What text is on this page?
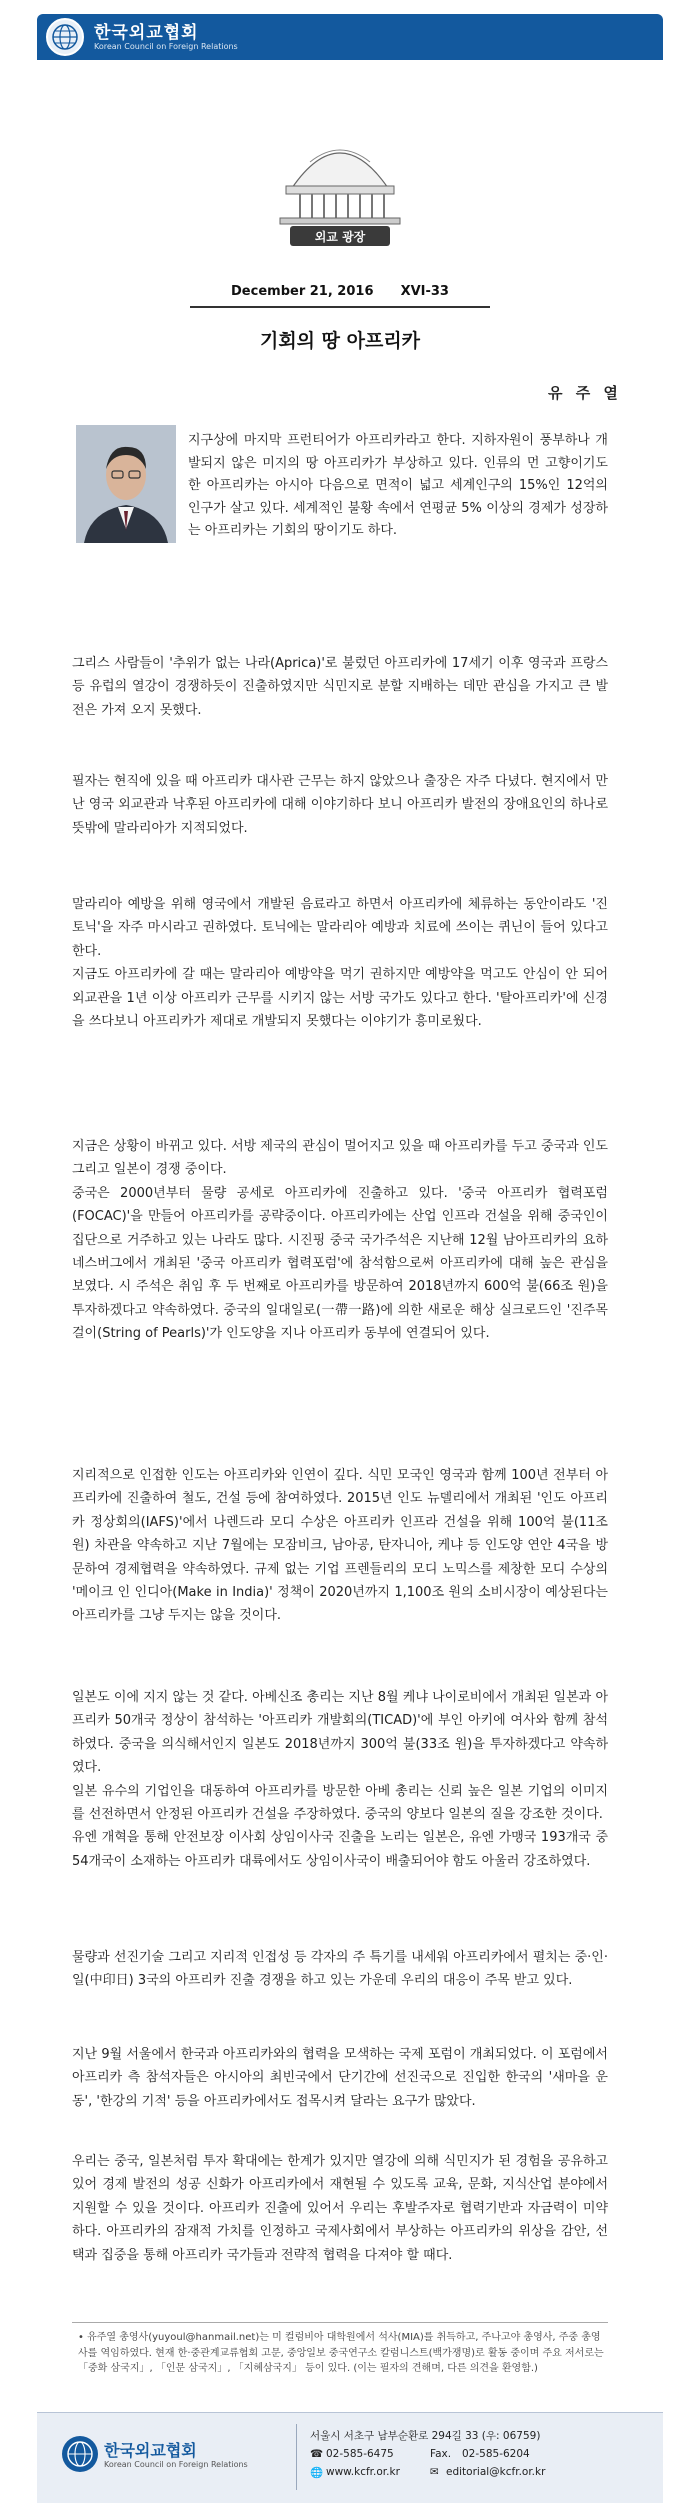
한국외교협회
Korean Council on Foreign Relations
외교 광장
December 21, 2016 XVI-33
기회의 땅 아프리카
유 주 열

지구상에 마지막 프런티어가 아프리카라고 한다. 지하자원이 풍부하나 개발되지 않은 미지의 땅 아프리카가 부상하고 있다. 인류의 먼 고향이기도 한 아프리카는 아시아 다음으로 면적이 넓고 세계인구의 15%인 12억의 인구가 살고 있다. 세계적인 불황 속에서 연평균 5% 이상의 경제가 성장하는 아프리카는 기회의 땅이기도 하다.

그리스 사람들이 '추위가 없는 나라(Aprica)'로 불렀던 아프리카에 17세기 이후 영국과 프랑스 등 유럽의 열강이 경쟁하듯이 진출하였지만 식민지로 분할 지배하는 데만 관심을 가지고 큰 발전은 가져 오지 못했다.

필자는 현직에 있을 때 아프리카 대사관 근무는 하지 않았으나 출장은 자주 다녔다. 현지에서 만난 영국 외교관과 낙후된 아프리카에 대해 이야기하다 보니 아프리카 발전의 장애요인의 하나로 뜻밖에 말라리아가 지적되었다.

말라리아 예방을 위해 영국에서 개발된 음료라고 하면서 아프리카에 체류하는 동안이라도 '진 토닉'을 자주 마시라고 권하였다. 토닉에는 말라리아 예방과 치료에 쓰이는 퀴닌이 들어 있다고 한다.
지금도 아프리카에 갈 때는 말라리아 예방약을 먹기 권하지만 예방약을 먹고도 안심이 안 되어 외교관을 1년 이상 아프리카 근무를 시키지 않는 서방 국가도 있다고 한다. '탈아프리카'에 신경을 쓰다보니 아프리카가 제대로 개발되지 못했다는 이야기가 흥미로웠다.

지금은 상황이 바뀌고 있다. 서방 제국의 관심이 멀어지고 있을 때 아프리카를 두고 중국과 인도 그리고 일본이 경쟁 중이다.
중국은 2000년부터 물량 공세로 아프리카에 진출하고 있다. '중국 아프리카 협력포럼(FOCAC)'을 만들어 아프리카를 공략중이다. 아프리카에는 산업 인프라 건설을 위해 중국인이 집단으로 거주하고 있는 나라도 많다. 시진핑 중국 국가주석은 지난해 12월 남아프리카의 요하네스버그에서 개최된 '중국 아프리카 협력포럼'에 참석함으로써 아프리카에 대해 높은 관심을 보였다. 시 주석은 취임 후 두 번째로 아프리카를 방문하여 2018년까지 600억 불(66조 원)을 투자하겠다고 약속하였다. 중국의 일대일로(一帶一路)에 의한 새로운 해상 실크로드인 '진주목걸이(String of Pearls)'가 인도양을 지나 아프리카 동부에 연결되어 있다.

지리적으로 인접한 인도는 아프리카와 인연이 깊다. 식민 모국인 영국과 함께 100년 전부터 아프리카에 진출하여 철도, 건설 등에 참여하였다. 2015년 인도 뉴델리에서 개최된 '인도 아프리카 정상회의(IAFS)'에서 나렌드라 모디 수상은 아프리카 인프라 건설을 위해 100억 불(11조 원) 차관을 약속하고 지난 7월에는 모잠비크, 남아공, 탄자니아, 케냐 등 인도양 연안 4국을 방문하여 경제협력을 약속하였다. 규제 없는 기업 프렌들리의 모디 노믹스를 제창한 모디 수상의 '메이크 인 인디아(Make in India)' 정책이 2020년까지 1,100조 원의 소비시장이 예상된다는 아프리카를 그냥 두지는 않을 것이다.

일본도 이에 지지 않는 것 같다. 아베신조 총리는 지난 8월 케냐 나이로비에서 개최된 일본과 아프리카 50개국 정상이 참석하는 '아프리카 개발회의(TICAD)'에 부인 아키에 여사와 함께 참석하였다. 중국을 의식해서인지 일본도 2018년까지 300억 불(33조 원)을 투자하겠다고 약속하였다.
일본 유수의 기업인을 대동하여 아프리카를 방문한 아베 총리는 신뢰 높은 일본 기업의 이미지를 선전하면서 안정된 아프리카 건설을 주장하였다. 중국의 양보다 일본의 질을 강조한 것이다.
유엔 개혁을 통해 안전보장 이사회 상임이사국 진출을 노리는 일본은, 유엔 가맹국 193개국 중 54개국이 소재하는 아프리카 대륙에서도 상임이사국이 배출되어야 함도 아울러 강조하였다.

물량과 선진기술 그리고 지리적 인접성 등 각자의 주 특기를 내세워 아프리카에서 펼치는 중·인·일(中印日) 3국의 아프리카 진출 경쟁을 하고 있는 가운데 우리의 대응이 주목 받고 있다.

지난 9월 서울에서 한국과 아프리카와의 협력을 모색하는 국제 포럼이 개최되었다. 이 포럼에서 아프리카 측 참석자들은 아시아의 최빈국에서 단기간에 선진국으로 진입한 한국의 '새마을 운동', '한강의 기적' 등을 아프리카에서도 접목시켜 달라는 요구가 많았다.

우리는 중국, 일본처럼 투자 확대에는 한계가 있지만 열강에 의해 식민지가 된 경험을 공유하고 있어 경제 발전의 성공 신화가 아프리카에서 재현될 수 있도록 교육, 문화, 지식산업 분야에서 지원할 수 있을 것이다. 아프리카 진출에 있어서 우리는 후발주자로 협력기반과 자금력이 미약하다. 아프리카의 잠재적 가치를 인정하고 국제사회에서 부상하는 아프리카의 위상을 감안, 선택과 집중을 통해 아프리카 국가들과 전략적 협력을 다져야 할 때다.

• 유주열 총영사(yuyoul@hanmail.net)는 미 컬럼비아 대학원에서 석사(MIA)를 취득하고, 주나고야 총영사, 주중 총영사를 역임하였다. 현재 한·중관계교류협회 고문, 중앙일보 중국연구소 칼럼니스트(백가쟁명)로 활동 중이며 주요 저서로는 「중화 삼국지」, 「인문 삼국지」, 「지혜삼국지」 등이 있다. (이는 필자의 견해며, 다른 의견을 환영함.)

한국외교협회
Korean Council on Foreign Relations
서울시 서초구 남부순환로 294길 33 (우: 06759)
☎ 02-585-6475	Fax. 02-585-6204
🌐 www.kcfr.or.kr	✉ editorial@kcfr.or.kr
